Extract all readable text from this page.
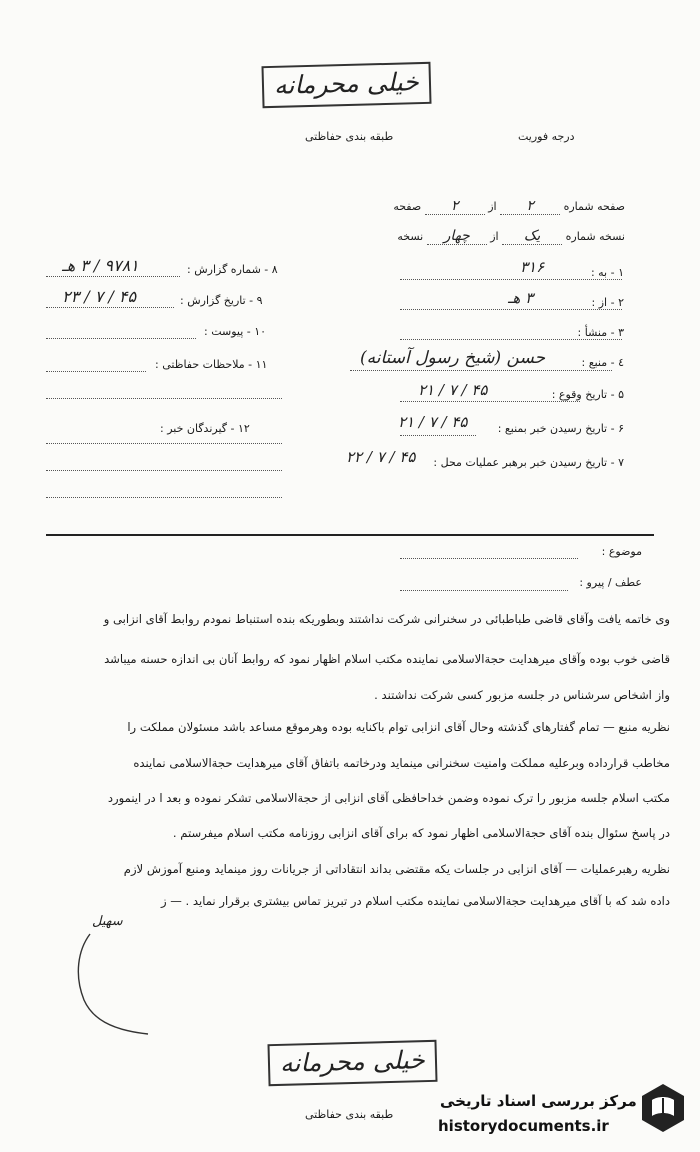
خیلی محرمانه
طبقه بندی حفاظتی	درجه فوریت
صفحه شماره ۲ از ۲ صفحه
نسخه شماره یک از چهار نسخه
۸ - شماره گزارش :
۹۷۸۱ / ۳ هـ
۹ - تاریخ گزارش :
۴۵ / ۷ / ۲۳
۱۰ - پیوست :
۱۱ - ملاحظات حفاظتی :
۱۲ - گیرندگان خبر :
۱ - به :
۳۱۶
۲ - از :
۳ هـ
۳ - منشأ :
٤ - منبع :
حسن (شیخ رسول آستانه)
۵ - تاریخ وقوع :
۴۵ / ۷ / ۲۱
۶ - تاریخ رسیدن خبر بمنبع :
۴۵ / ۷ / ۲۱
۷ - تاریخ رسیدن خبر برهبر عملیات محل :
۴۵ / ۷ / ۲۲
موضوع :
عطف / پیرو :
وی خاتمه یافت وآقای قاضی طباطبائی در سخنرانی شرکت نداشتند وبطوریکه بنده استنباط نمودم روابط آقای انزابی و
قاضی خوب بوده وآقای میرهدایت حجةالاسلامی نماینده مکتب اسلام اظهار نمود که روابط آنان بی اندازه حسنه میباشد
واز اشخاص سرشناس در جلسه مزبور کسی شرکت نداشتند .
نظریه منبع — تمام گفتارهای گذشته وحال آقای انزابی توام باکنایه بوده وهرموقع مساعد باشد مسئولان مملکت را
مخاطب قرارداده وبرعلیه مملکت وامنیت سخنرانی مینماید ودرخاتمه باتفاق آقای میرهدایت حجةالاسلامی نماینده
مکتب اسلام جلسه مزبور را ترک نموده وضمن خداحافظی آقای انزابی از حجةالاسلامی تشکر نموده و بعد ا در اینمورد
در پاسخ سئوال بنده آقای حجةالاسلامی اظهار نمود که برای آقای انزابی روزنامه مکتب اسلام میفرستم .
نظریه رهبرعملیات — آقای انزابی در جلسات یکه مقتضی بداند انتقاداتی از جریانات روز مینماید ومنبع آموزش لازم
داده شد که با آقای میرهدایت حجةالاسلامی نماینده مکتب اسلام در تبریز تماس بیشتری برقرار نماید . — ز
سهیل
خیلی محرمانه
طبقه بندی حفاظتی
مرکز بررسی اسناد تاریخی
historydocuments.ir
